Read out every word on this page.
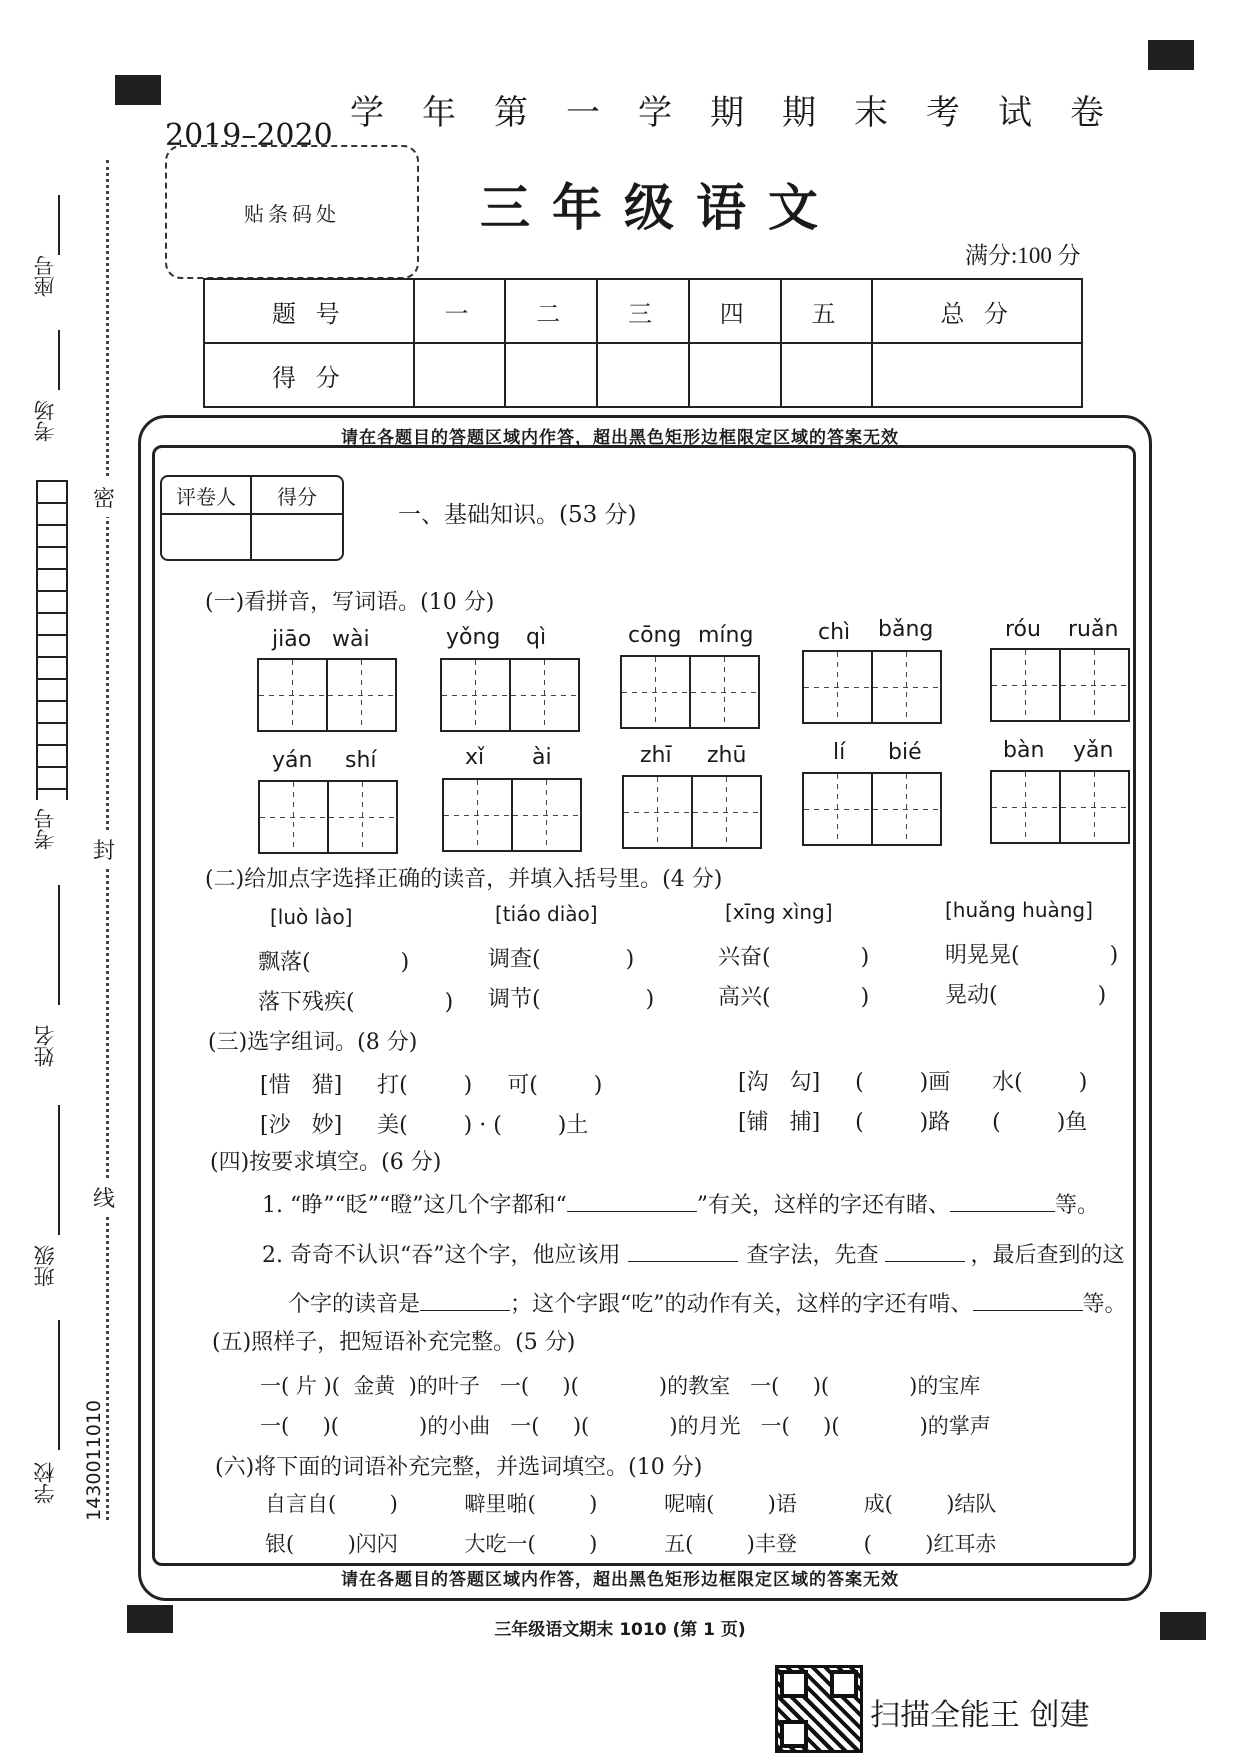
2019–2020
学年第一学期期末考试卷
贴条码处	三年级语文
满分:100 分
题 号	一	二	三	四	五	总 分
得 分						
座号
考场
考号
姓名
班级
学校 1430011010
密
封
线
请在各题目的答题区域内作答，超出黑色矩形边框限定区域的答案无效
请在各题目的答题区域内作答，超出黑色矩形边框限定区域的答案无效
评卷人	得分
一、基础知识。(53 分)
(一)看拼音，写词语。(10 分)
jiāo wài	yǒng qì	cōng míng	chì bǎng	róu ruǎn
yán shí	xǐ ài	zhī zhū	lí bié	bàn yǎn
(二)给加点字选择正确的读音，并填入括号里。(4 分)
[luò lào]	[tiáo diào]	[xīng xìng]	[huǎng huàng]
飘落(	)	调查(	)	兴奋(	)	明晃晃(	)
落下残疾(	) 调节(	)	高兴(	)	晃动(	)
(三)选字组词。(8 分)
[惜   猎]     打(        )     可(        )	[沟   勾]     (        )画      水(        )
[沙   妙]     美(        ) · (        )土	[铺   捕]     (        )路      (        )鱼
(四)按要求填空。(6 分)
1. “睁”“眨”“瞪”这几个字都和“	”有关，这样的字还有睹、	等。
2. 奇奇不认识“吞”这个字，他应该用	查字法，先查	，最后查到的这
个字的读音是	；这个字跟“吃”的动作有关，这样的字还有啃、	等。
(五)照样子，把短语补充完整。(5 分)
一( 片 )(  金黄  )的叶子   一(     )(            )的教室   一(     )(            )的宝库
一(     )(            )的小曲   一(     )(            )的月光   一(     )(            )的掌声
(六)将下面的词语补充完整，并选词填空。(10 分)
自言自(        )          噼里啪(        )          呢喃(        )语          成(        )结队
银(        )闪闪          大吃一(        )          五(        )丰登          (        )红耳赤
三年级语文期末 1010 (第 1 页)
扫描全能王 创建
